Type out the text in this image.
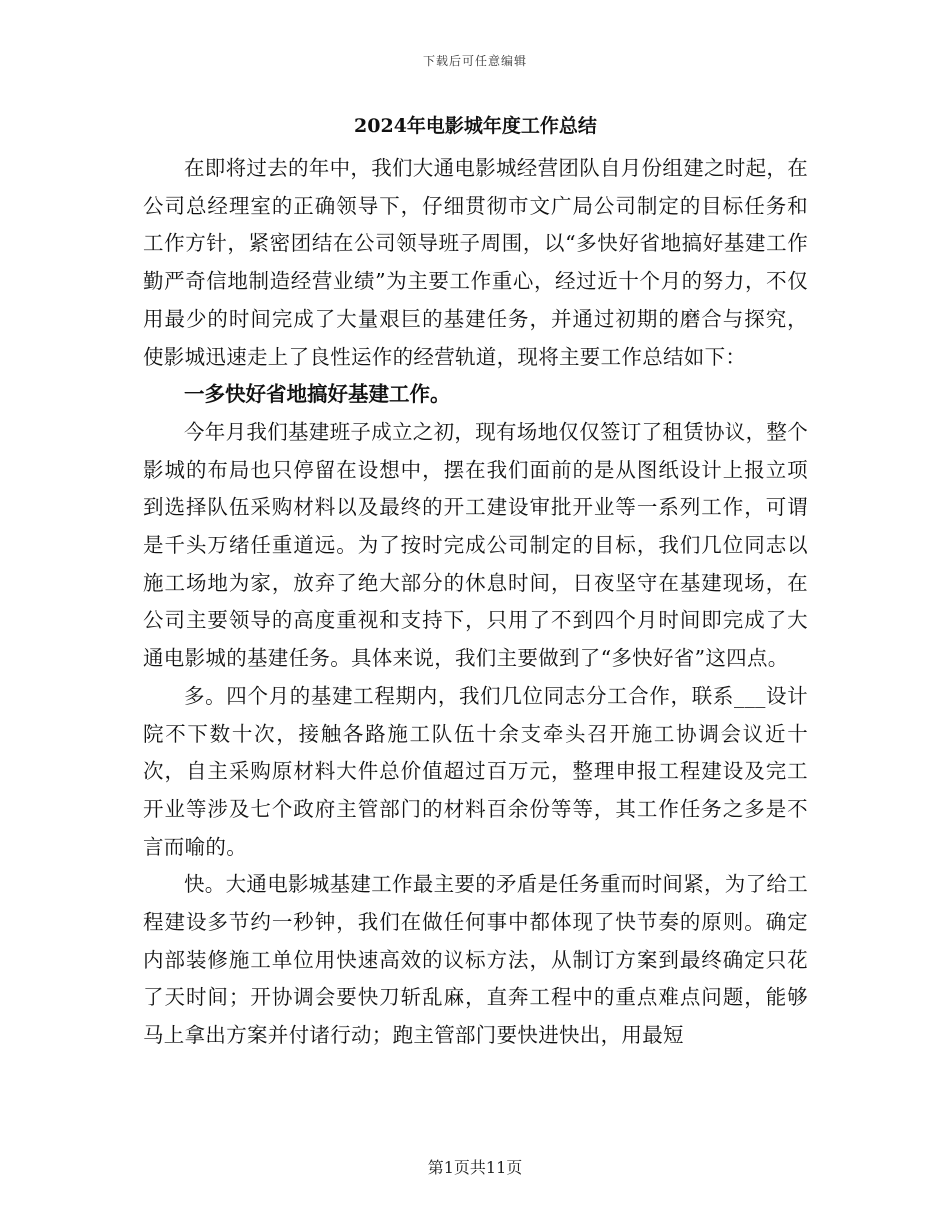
下载后可任意编辑
2024年电影城年度工作总结

在即将过去的年中，我们大通电影城经营团队自月份组建之时起，在公司总经理室的正确领导下，仔细贯彻市文广局公司制定的目标任务和工作方针，紧密团结在公司领导班子周围，以“多快好省地搞好基建工作勤严奇信地制造经营业绩”为主要工作重心，经过近十个月的努力，不仅用最少的时间完成了大量艰巨的基建任务，并通过初期的磨合与探究，使影城迅速走上了良性运作的经营轨道，现将主要工作总结如下：

一多快好省地搞好基建工作。

今年月我们基建班子成立之初，现有场地仅仅签订了租赁协议，整个影城的布局也只停留在设想中，摆在我们面前的是从图纸设计上报立项到选择队伍采购材料以及最终的开工建设审批开业等一系列工作，可谓是千头万绪任重道远。为了按时完成公司制定的目标，我们几位同志以施工场地为家，放弃了绝大部分的休息时间，日夜坚守在基建现场，在公司主要领导的高度重视和支持下，只用了不到四个月时间即完成了大通电影城的基建任务。具体来说，我们主要做到了“多快好省”这四点。

多。四个月的基建工程期内，我们几位同志分工合作，联系___设计院不下数十次，接触各路施工队伍十余支牵头召开施工协调会议近十次，自主采购原材料大件总价值超过百万元，整理申报工程建设及完工开业等涉及七个政府主管部门的材料百余份等等，其工作任务之多是不言而喻的。

快。大通电影城基建工作最主要的矛盾是任务重而时间紧，为了给工程建设多节约一秒钟，我们在做任何事中都体现了快节奏的原则。确定内部装修施工单位用快速高效的议标方法，从制订方案到最终确定只花了天时间；开协调会要快刀斩乱麻，直奔工程中的重点难点问题，能够马上拿出方案并付诸行动；跑主管部门要快进快出，用最短

第1页共11页
